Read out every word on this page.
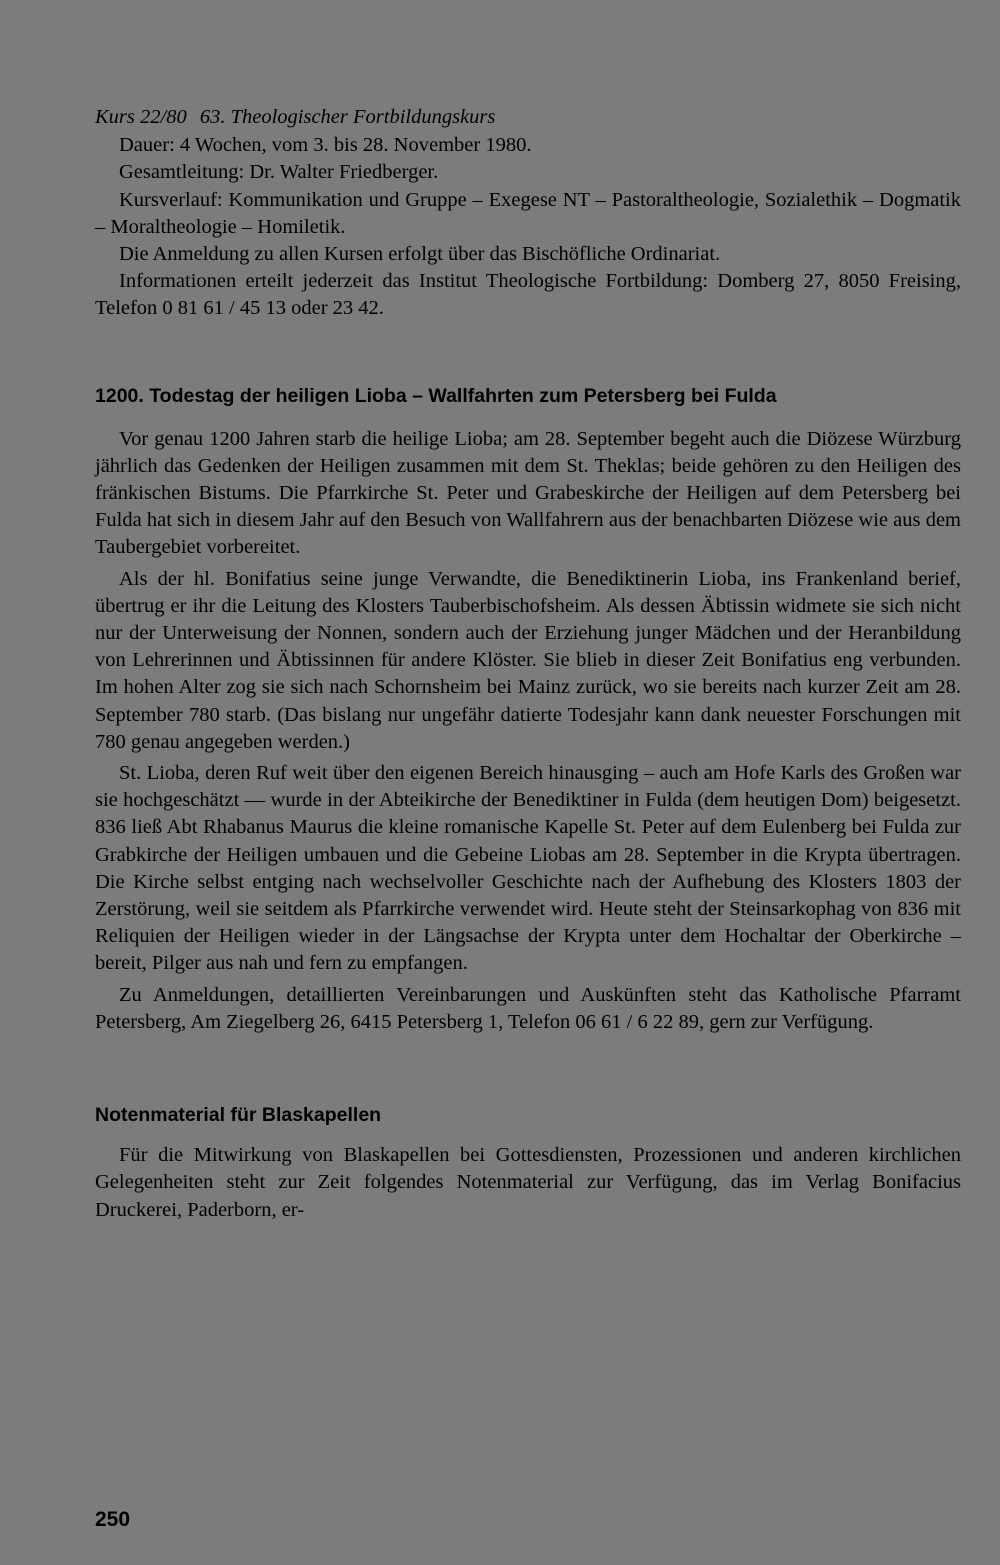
Kurs 22/80 63. Theologischer Fortbildungskurs

Dauer: 4 Wochen, vom 3. bis 28. November 1980.

Gesamtleitung: Dr. Walter Friedberger.

Kursverlauf: Kommunikation und Gruppe – Exegese NT – Pastoraltheologie, Sozialethik – Dogmatik – Moraltheologie – Homiletik.

Die Anmeldung zu allen Kursen erfolgt über das Bischöfliche Ordinariat.

Informationen erteilt jederzeit das Institut Theologische Fortbildung: Domberg 27, 8050 Freising, Telefon 0 81 61 / 45 13 oder 23 42.

1200. Todestag der heiligen Lioba – Wallfahrten zum Petersberg bei Fulda

Vor genau 1200 Jahren starb die heilige Lioba; am 28. September begeht auch die Diözese Würzburg jährlich das Gedenken der Heiligen zusammen mit dem St. Theklas; beide gehören zu den Heiligen des fränkischen Bistums. Die Pfarrkirche St. Peter und Grabeskirche der Heiligen auf dem Petersberg bei Fulda hat sich in diesem Jahr auf den Besuch von Wallfahrern aus der benachbarten Diözese wie aus dem Taubergebiet vorbereitet.

Als der hl. Bonifatius seine junge Verwandte, die Benediktinerin Lioba, ins Frankenland berief, übertrug er ihr die Leitung des Klosters Tauberbischofsheim. Als dessen Äbtissin widmete sie sich nicht nur der Unterweisung der Nonnen, sondern auch der Erziehung junger Mädchen und der Heranbildung von Lehrerinnen und Äbtissinnen für andere Klöster. Sie blieb in dieser Zeit Bonifatius eng verbunden. Im hohen Alter zog sie sich nach Schornsheim bei Mainz zurück, wo sie bereits nach kurzer Zeit am 28. September 780 starb. (Das bislang nur ungefähr datierte Todesjahr kann dank neuester Forschungen mit 780 genau angegeben werden.)

St. Lioba, deren Ruf weit über den eigenen Bereich hinausging – auch am Hofe Karls des Großen war sie hochgeschätzt — wurde in der Abteikirche der Benediktiner in Fulda (dem heutigen Dom) beigesetzt. 836 ließ Abt Rhabanus Maurus die kleine romanische Kapelle St. Peter auf dem Eulenberg bei Fulda zur Grabkirche der Heiligen umbauen und die Gebeine Liobas am 28. September in die Krypta übertragen. Die Kirche selbst entging nach wechselvoller Geschichte nach der Aufhebung des Klosters 1803 der Zerstörung, weil sie seitdem als Pfarrkirche verwendet wird. Heute steht der Steinsarkophag von 836 mit Reliquien der Heiligen wieder in der Längsachse der Krypta unter dem Hochaltar der Oberkirche – bereit, Pilger aus nah und fern zu empfangen.

Zu Anmeldungen, detaillierten Vereinbarungen und Auskünften steht das Katholische Pfarramt Petersberg, Am Ziegelberg 26, 6415 Petersberg 1, Telefon 06 61 / 6 22 89, gern zur Verfügung.

Notenmaterial für Blaskapellen

Für die Mitwirkung von Blaskapellen bei Gottesdiensten, Prozessionen und anderen kirchlichen Gelegenheiten steht zur Zeit folgendes Notenmaterial zur Verfügung, das im Verlag Bonifacius Druckerei, Paderborn, er-

250
